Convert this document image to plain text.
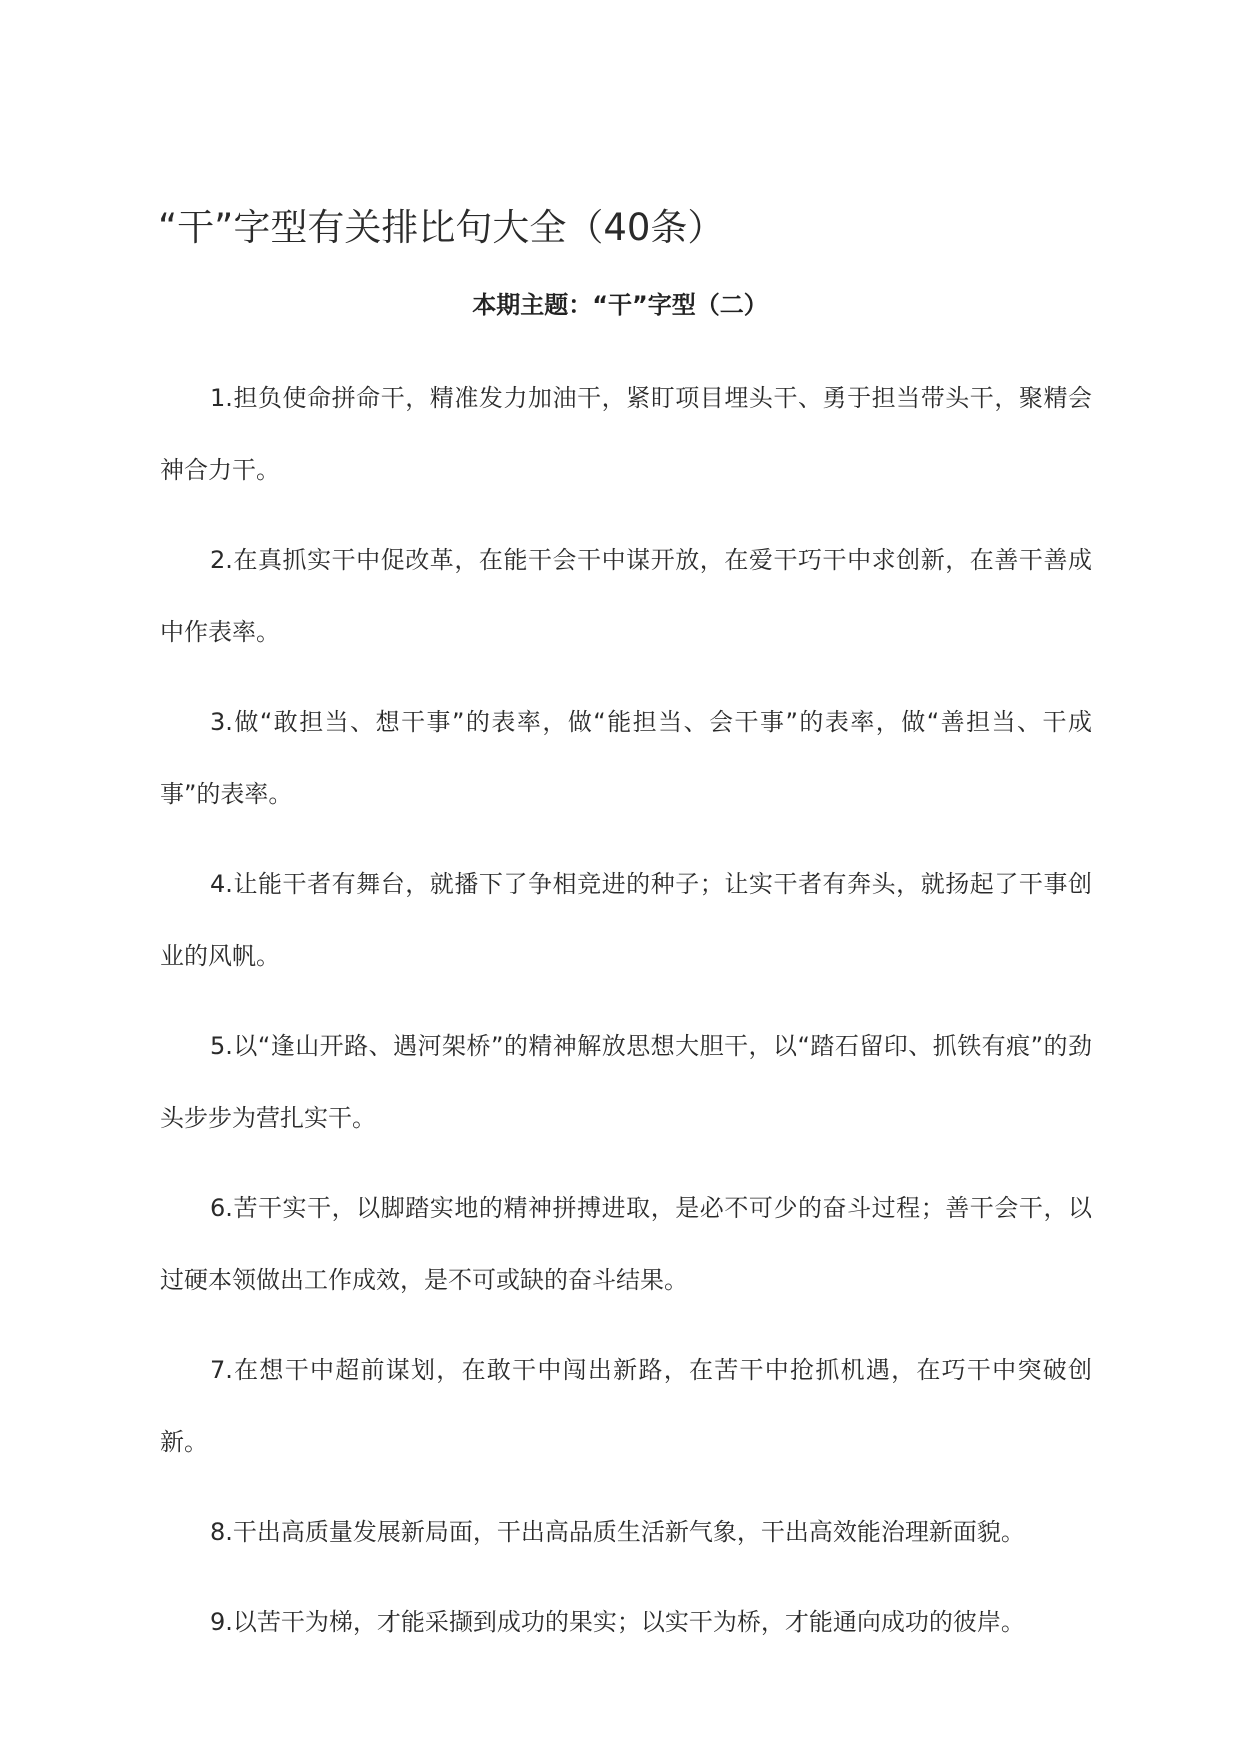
“干”字型有关排比句大全（40条）
本期主题：“干”字型（二）

1.担负使命拼命干，精准发力加油干，紧盯项目埋头干、勇于担当带头干，聚精会神合力干。

2.在真抓实干中促改革，在能干会干中谋开放，在爱干巧干中求创新，在善干善成中作表率。

3.做“敢担当、想干事”的表率，做“能担当、会干事”的表率，做“善担当、干成事”的表率。

4.让能干者有舞台，就播下了争相竞进的种子；让实干者有奔头，就扬起了干事创业的风帆。

5.以“逢山开路、遇河架桥”的精神解放思想大胆干，以“踏石留印、抓铁有痕”的劲头步步为营扎实干。

6.苦干实干，以脚踏实地的精神拼搏进取，是必不可少的奋斗过程；善干会干，以过硬本领做出工作成效，是不可或缺的奋斗结果。

7.在想干中超前谋划，在敢干中闯出新路，在苦干中抢抓机遇，在巧干中突破创新。

8.干出高质量发展新局面，干出高品质生活新气象，干出高效能治理新面貌。

9.以苦干为梯，才能采撷到成功的果实；以实干为桥，才能通向成功的彼岸。
